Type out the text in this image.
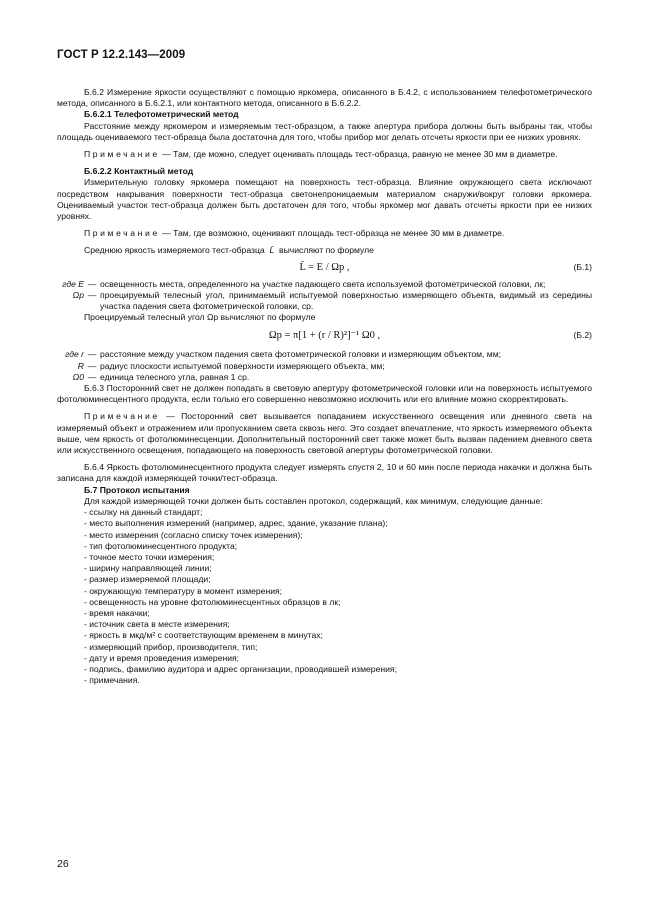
ГОСТ Р 12.2.143—2009

Б.6.2 Измерение яркости осуществляют с помощью яркомера, описанного в Б.4.2, с использованием телефотометрического метода, описанного в Б.6.2.1, или контактного метода, описанного в Б.6.2.2.

Б.6.2.1 Телефотометрический метод

Расстояние между яркомером и измеряемым тест-образцом, а также апертура прибора должны быть выбраны так, чтобы площадь оцениваемого тест-образца была достаточна для того, чтобы прибор мог делать отсчеты яркости при ее низких уровнях.

Примечание — Там, где можно, следует оценивать площадь тест-образца, равную не менее 30 мм в диаметре.

Б.6.2.2 Контактный метод

Измерительную головку яркомера помещают на поверхность тест-образца. Влияние окружающего света исключают посредством накрывания поверхности тест-образца светонепроницаемым материалом снаружи/вокруг головки яркомера. Оцениваемый участок тест-образца должен быть достаточен для того, чтобы яркомер мог давать отсчеты яркости при ее низких уровнях.

Примечание — Там, где возможно, оценивают площадь тест-образца не менее 30 мм в диаметре.

Среднюю яркость измеряемого тест-образца L̄ вычисляют по формуле

L̄ = E / Ωp ,	(Б.1)
где E — освещенность места, определенного на участке падающего света используемой фотометрической головки, лк;
Ωp — проецируемый телесный угол, принимаемый испытуемой поверхностью измеряющего объекта, видимый из середины участка падения света фотометрической головки, ср.

Проецируемый телесный угол Ωp вычисляют по формуле

Ωp = π[1 + (r / R)²]⁻¹ Ω0 ,	(Б.2)
где r — расстояние между участком падения света фотометрической головки и измеряющим объектом, мм;
R — радиус плоскости испытуемой поверхности измеряющего объекта, мм;
Ω0 — единица телесного угла, равная 1 ср.

Б.6.3 Посторонний свет не должен попадать в световую апертуру фотометрической головки или на поверхность испытуемого фотолюминесцентного продукта, если только его совершенно невозможно исключить или его влияние можно скорректировать.

Примечание — Посторонний свет вызывается попаданием искусственного освещения или дневного света на измеряемый объект и отражением или пропусканием света сквозь него. Это создает впечатление, что яркость измеряемого объекта выше, чем яркость от фотолюминесценции. Дополнительный посторонний свет также может быть вызван падением дневного света или искусственного освещения, попадающего на поверхность световой апертуры фотометрической головки.

Б.6.4 Яркость фотолюминесцентного продукта следует измерять спустя 2, 10 и 60 мин после периода накачки и должна быть записана для каждой измеряющей точки/тест-образца.

Б.7 Протокол испытания

Для каждой измеряющей точки должен быть составлен протокол, содержащий, как минимум, следующие данные:

- ссылку на данный стандарт;
- место выполнения измерений (например, адрес, здание, указание плана);
- место измерения (согласно списку точек измерения);
- тип фотолюминесцентного продукта;
- точное место точки измерения;
- ширину направляющей линии;
- размер измеряемой площади;
- окружающую температуру в момент измерения;
- освещенность на уровне фотолюминесцентных образцов в лк;
- время накачки;
- источник света в месте измерения;
- яркость в мкд/м² с соответствующим временем в минутах;
- измеряющий прибор, производителя, тип;
- дату и время проведения измерения;
- подпись, фамилию аудитора и адрес организации, проводившей измерения;
- примечания.
26
